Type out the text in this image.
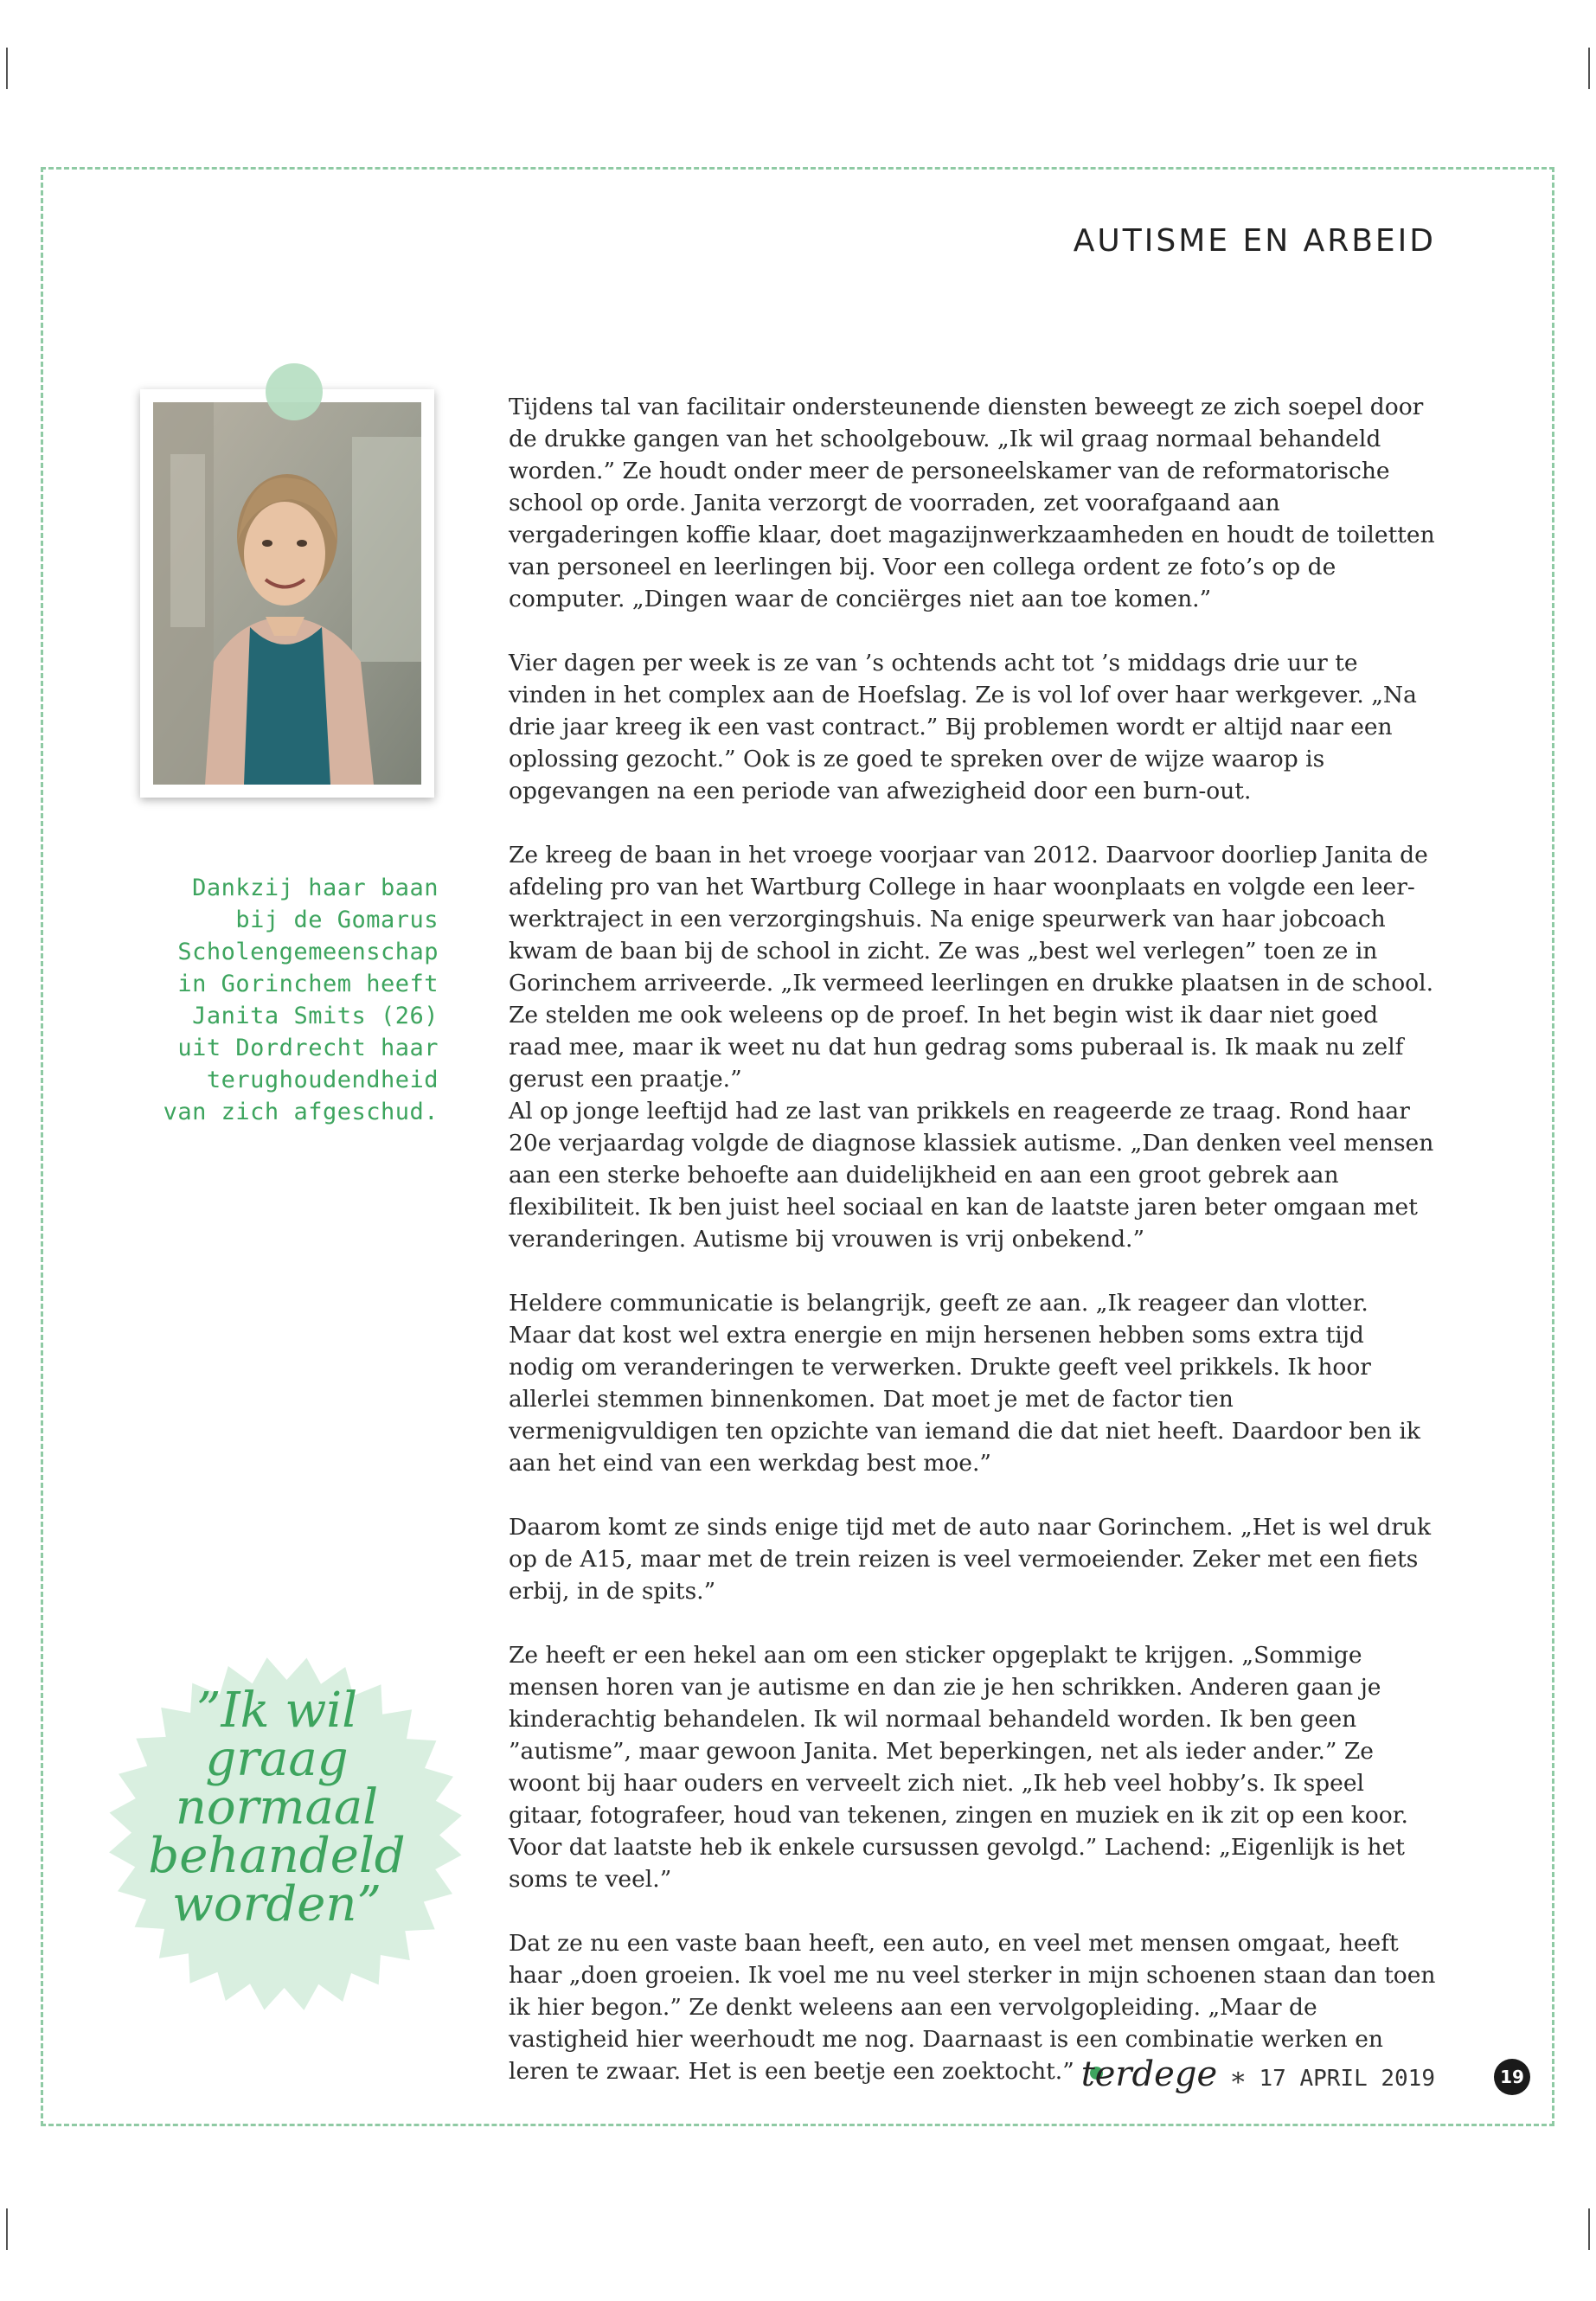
AUTISME EN ARBEID

Dankzij haar baan
bij de Gomarus
Scholengemeenschap
in Gorinchem heeft
Janita Smits (26)
uit Dordrecht haar
terughoudendheid
van zich afgeschud.

Tijdens tal van facilitair ondersteunende diensten beweegt ze zich soepel door de drukke gangen van het schoolgebouw. „Ik wil graag normaal behandeld worden.” Ze houdt onder meer de personeelskamer van de reformatorische school op orde. Janita verzorgt de voorraden, zet voorafgaand aan vergaderingen koffie klaar, doet magazijnwerkzaamheden en houdt de toiletten van personeel en leerlingen bij. Voor een collega ordent ze foto’s op de computer. „Dingen waar de conciërges niet aan toe komen.”

Vier dagen per week is ze van ’s ochtends acht tot ’s middags drie uur te vinden in het complex aan de Hoefslag. Ze is vol lof over haar werkgever. „Na drie jaar kreeg ik een vast contract.” Bij problemen wordt er altijd naar een oplossing gezocht.” Ook is ze goed te spreken over de wijze waarop is opgevangen na een periode van afwezigheid door een burn-out.

Ze kreeg de baan in het vroege voorjaar van 2012. Daarvoor doorliep Janita de afdeling pro van het Wartburg College in haar woonplaats en volgde een leer-werktraject in een verzorgingshuis. Na enige speurwerk van haar jobcoach kwam de baan bij de school in zicht. Ze was „best wel verlegen” toen ze in Gorinchem arriveerde. „Ik vermeed leerlingen en drukke plaatsen in de school. Ze stelden me ook weleens op de proef. In het begin wist ik daar niet goed raad mee, maar ik weet nu dat hun gedrag soms puberaal is. Ik maak nu zelf gerust een praatje.”

Al op jonge leeftijd had ze last van prikkels en reageerde ze traag. Rond haar 20e verjaardag volgde de diagnose klassiek autisme. „Dan denken veel mensen aan een sterke behoefte aan duidelijkheid en aan een groot gebrek aan flexibiliteit. Ik ben juist heel sociaal en kan de laatste jaren beter omgaan met veranderingen. Autisme bij vrouwen is vrij onbekend.”

Heldere communicatie is belangrijk, geeft ze aan. „Ik reageer dan vlotter. Maar dat kost wel extra energie en mijn hersenen hebben soms extra tijd nodig om veranderingen te verwerken. Drukte geeft veel prikkels. Ik hoor allerlei stemmen binnenkomen. Dat moet je met de factor tien vermenigvuldigen ten opzichte van iemand die dat niet heeft. Daardoor ben ik aan het eind van een werkdag best moe.”

Daarom komt ze sinds enige tijd met de auto naar Gorinchem. „Het is wel druk op de A15, maar met de trein reizen is veel vermoeiender. Zeker met een fiets erbij, in de spits.”

Ze heeft er een hekel aan om een sticker opgeplakt te krijgen. „Sommige mensen horen van je autisme en dan zie je hen schrikken. Anderen gaan je kinderachtig behandelen. Ik wil normaal behandeld worden. Ik ben geen ”autisme”, maar gewoon Janita. Met beperkingen, net als ieder ander.” Ze woont bij haar ouders en verveelt zich niet. „Ik heb veel hobby’s. Ik speel gitaar, fotografeer, houd van tekenen, zingen en muziek en ik zit op een koor. Voor dat laatste heb ik enkele cursussen gevolgd.” Lachend: „Eigenlijk is het soms te veel.”

Dat ze nu een vaste baan heeft, een auto, en veel met mensen omgaat, heeft haar „doen groeien. Ik voel me nu veel sterker in mijn schoenen staan dan toen ik hier begon.” Ze denkt weleens aan een vervolgopleiding. „Maar de vastigheid hier weerhoudt me nog. Daarnaast is een combinatie werken en leren te zwaar. Het is een beetje een zoektocht.”

”Ik wil
graag
normaal
behandeld
worden”

terdege ∗ 17 APRIL 2019	19
